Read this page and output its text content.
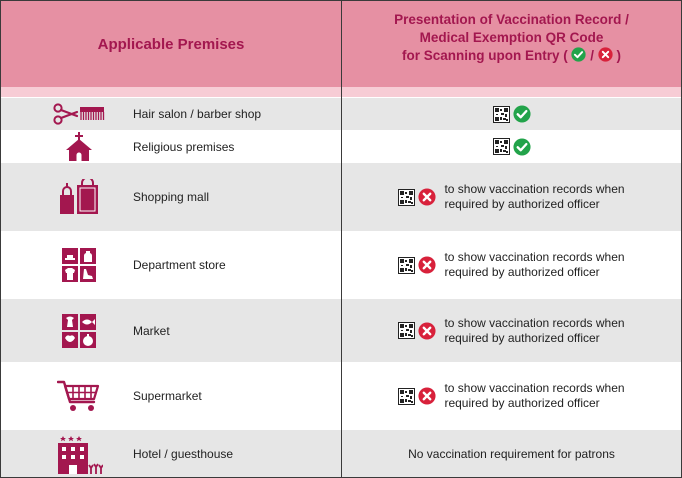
Applicable Premises
Presentation of Vaccination Record /
Medical Exemption QR Code
for Scanning upon Entry ( / )
Hair salon / barber shop
Religious premises
Shopping mall
to show vaccination records when
required by authorized officer
Department store
to show vaccination records when
required by authorized officer
Market
to show vaccination records when
required by authorized officer
Supermarket
to show vaccination records when
required by authorized officer
Hotel / guesthouse	No vaccination requirement for patrons
